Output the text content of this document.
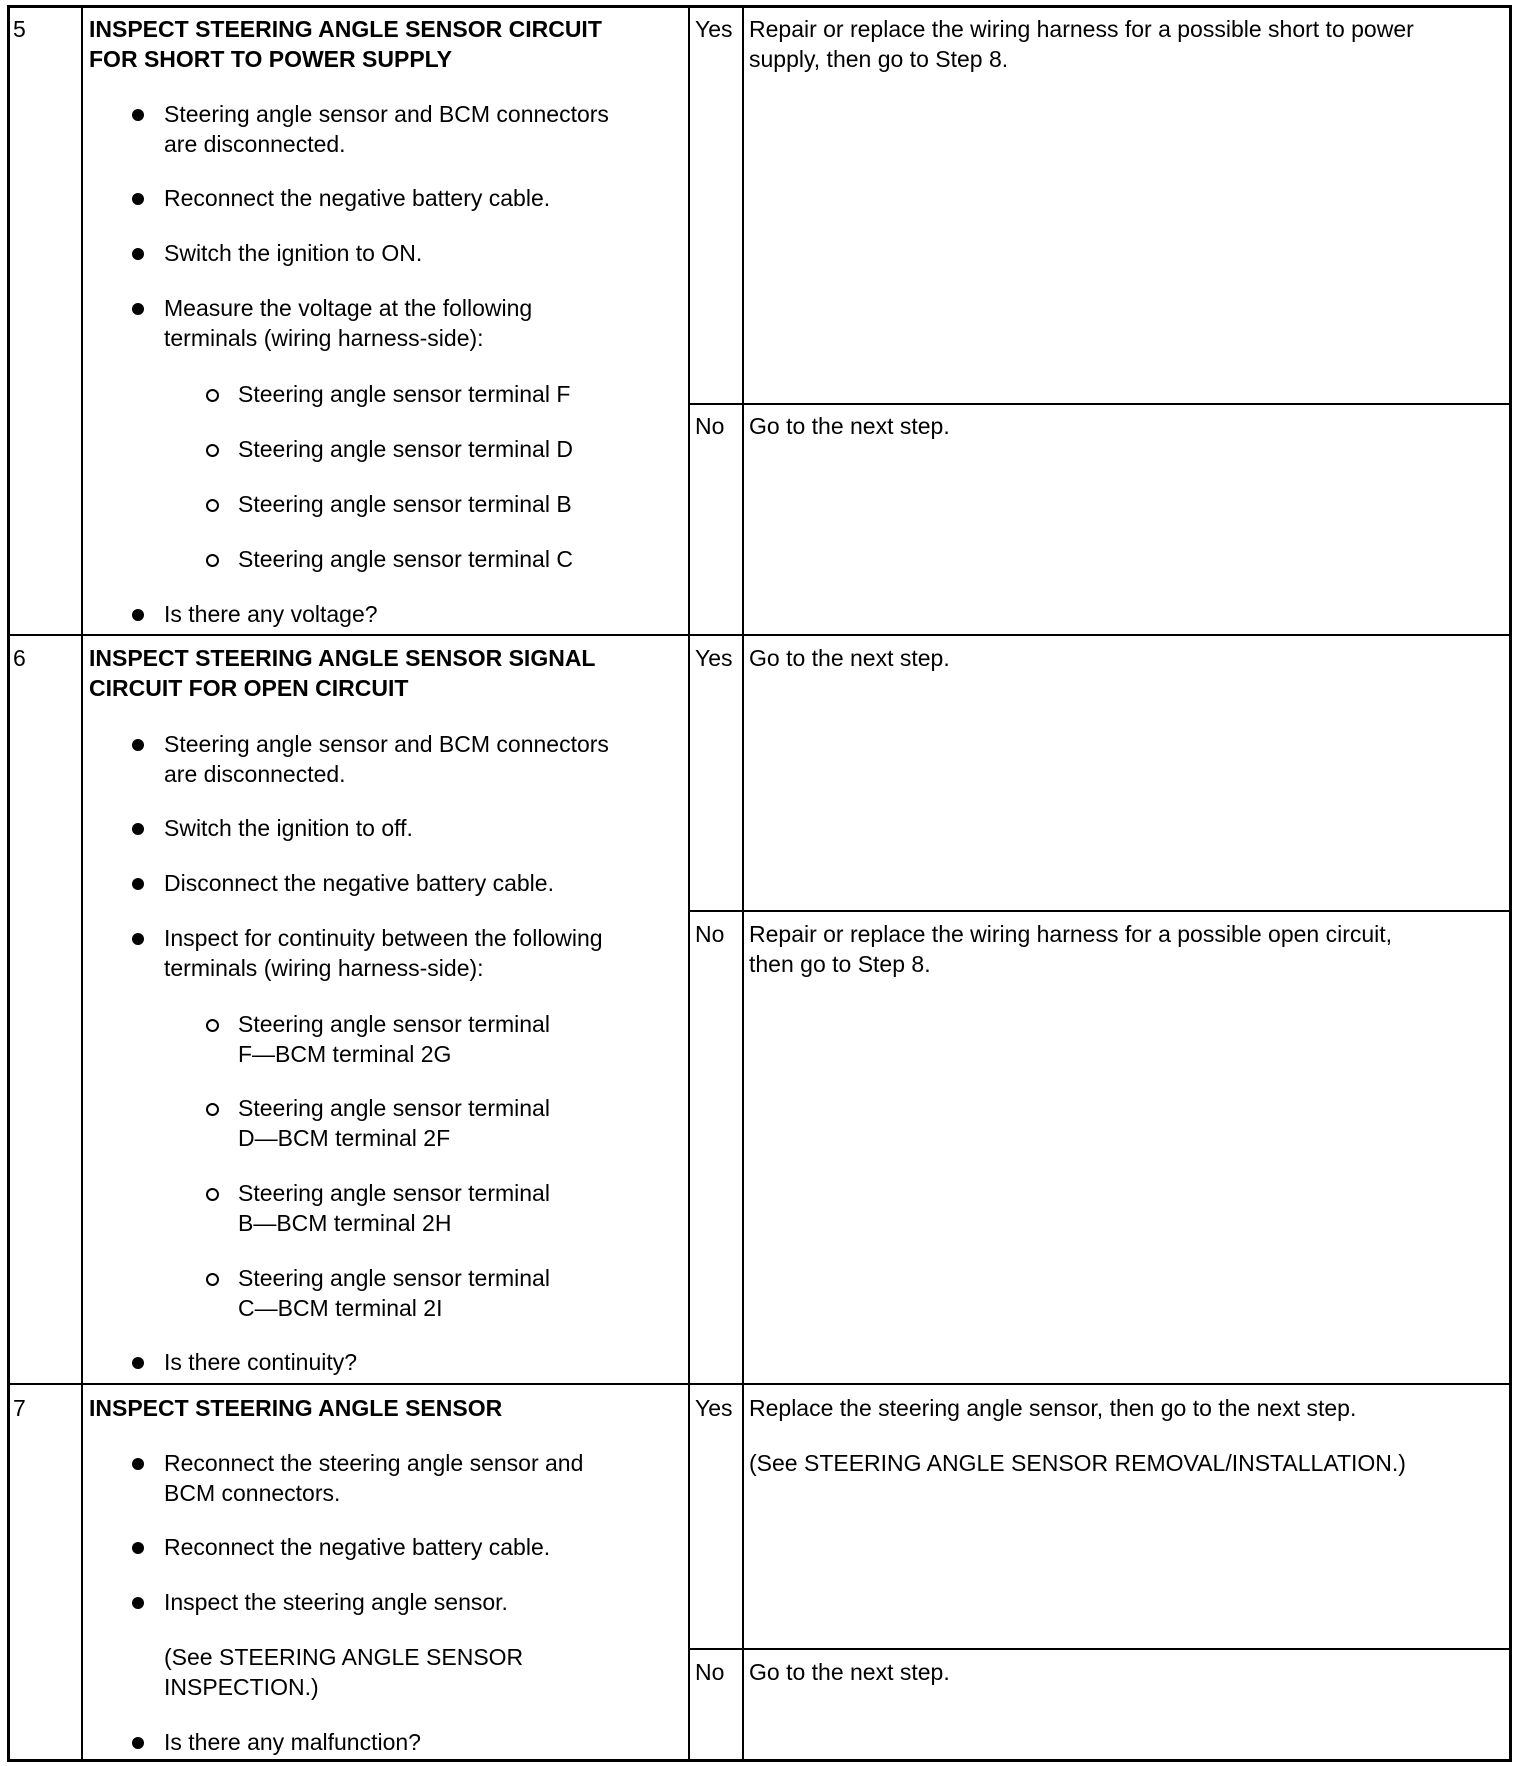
5	INSPECT STEERING ANGLE SENSOR CIRCUIT
FOR SHORT TO POWER SUPPLY
Steering angle sensor and BCM connectors
are disconnected.
Reconnect the negative battery cable.
Switch the ignition to ON.
Measure the voltage at the following
terminals (wiring harness-side):
Steering angle sensor terminal F
Steering angle sensor terminal D
Steering angle sensor terminal B
Steering angle sensor terminal C
Is there any voltage?
Yes Repair or replace the wiring harness for a possible short to power
supply, then go to Step 8.
No Go to the next step.
6	INSPECT STEERING ANGLE SENSOR SIGNAL
CIRCUIT FOR OPEN CIRCUIT
Steering angle sensor and BCM connectors
are disconnected.
Switch the ignition to off.
Disconnect the negative battery cable.
Inspect for continuity between the following
terminals (wiring harness-side):
Steering angle sensor terminal
F—BCM terminal 2G
Steering angle sensor terminal
D—BCM terminal 2F
Steering angle sensor terminal
B—BCM terminal 2H
Steering angle sensor terminal
C—BCM terminal 2I
Is there continuity?
Yes Go to the next step.
No Repair or replace the wiring harness for a possible open circuit,
then go to Step 8.
7	INSPECT STEERING ANGLE SENSOR
Reconnect the steering angle sensor and
BCM connectors.
Reconnect the negative battery cable.
Inspect the steering angle sensor.
(See STEERING ANGLE SENSOR
INSPECTION.)
Is there any malfunction?
Yes Replace the steering angle sensor, then go to the next step.
(See STEERING ANGLE SENSOR REMOVAL/INSTALLATION.)
No Go to the next step.
